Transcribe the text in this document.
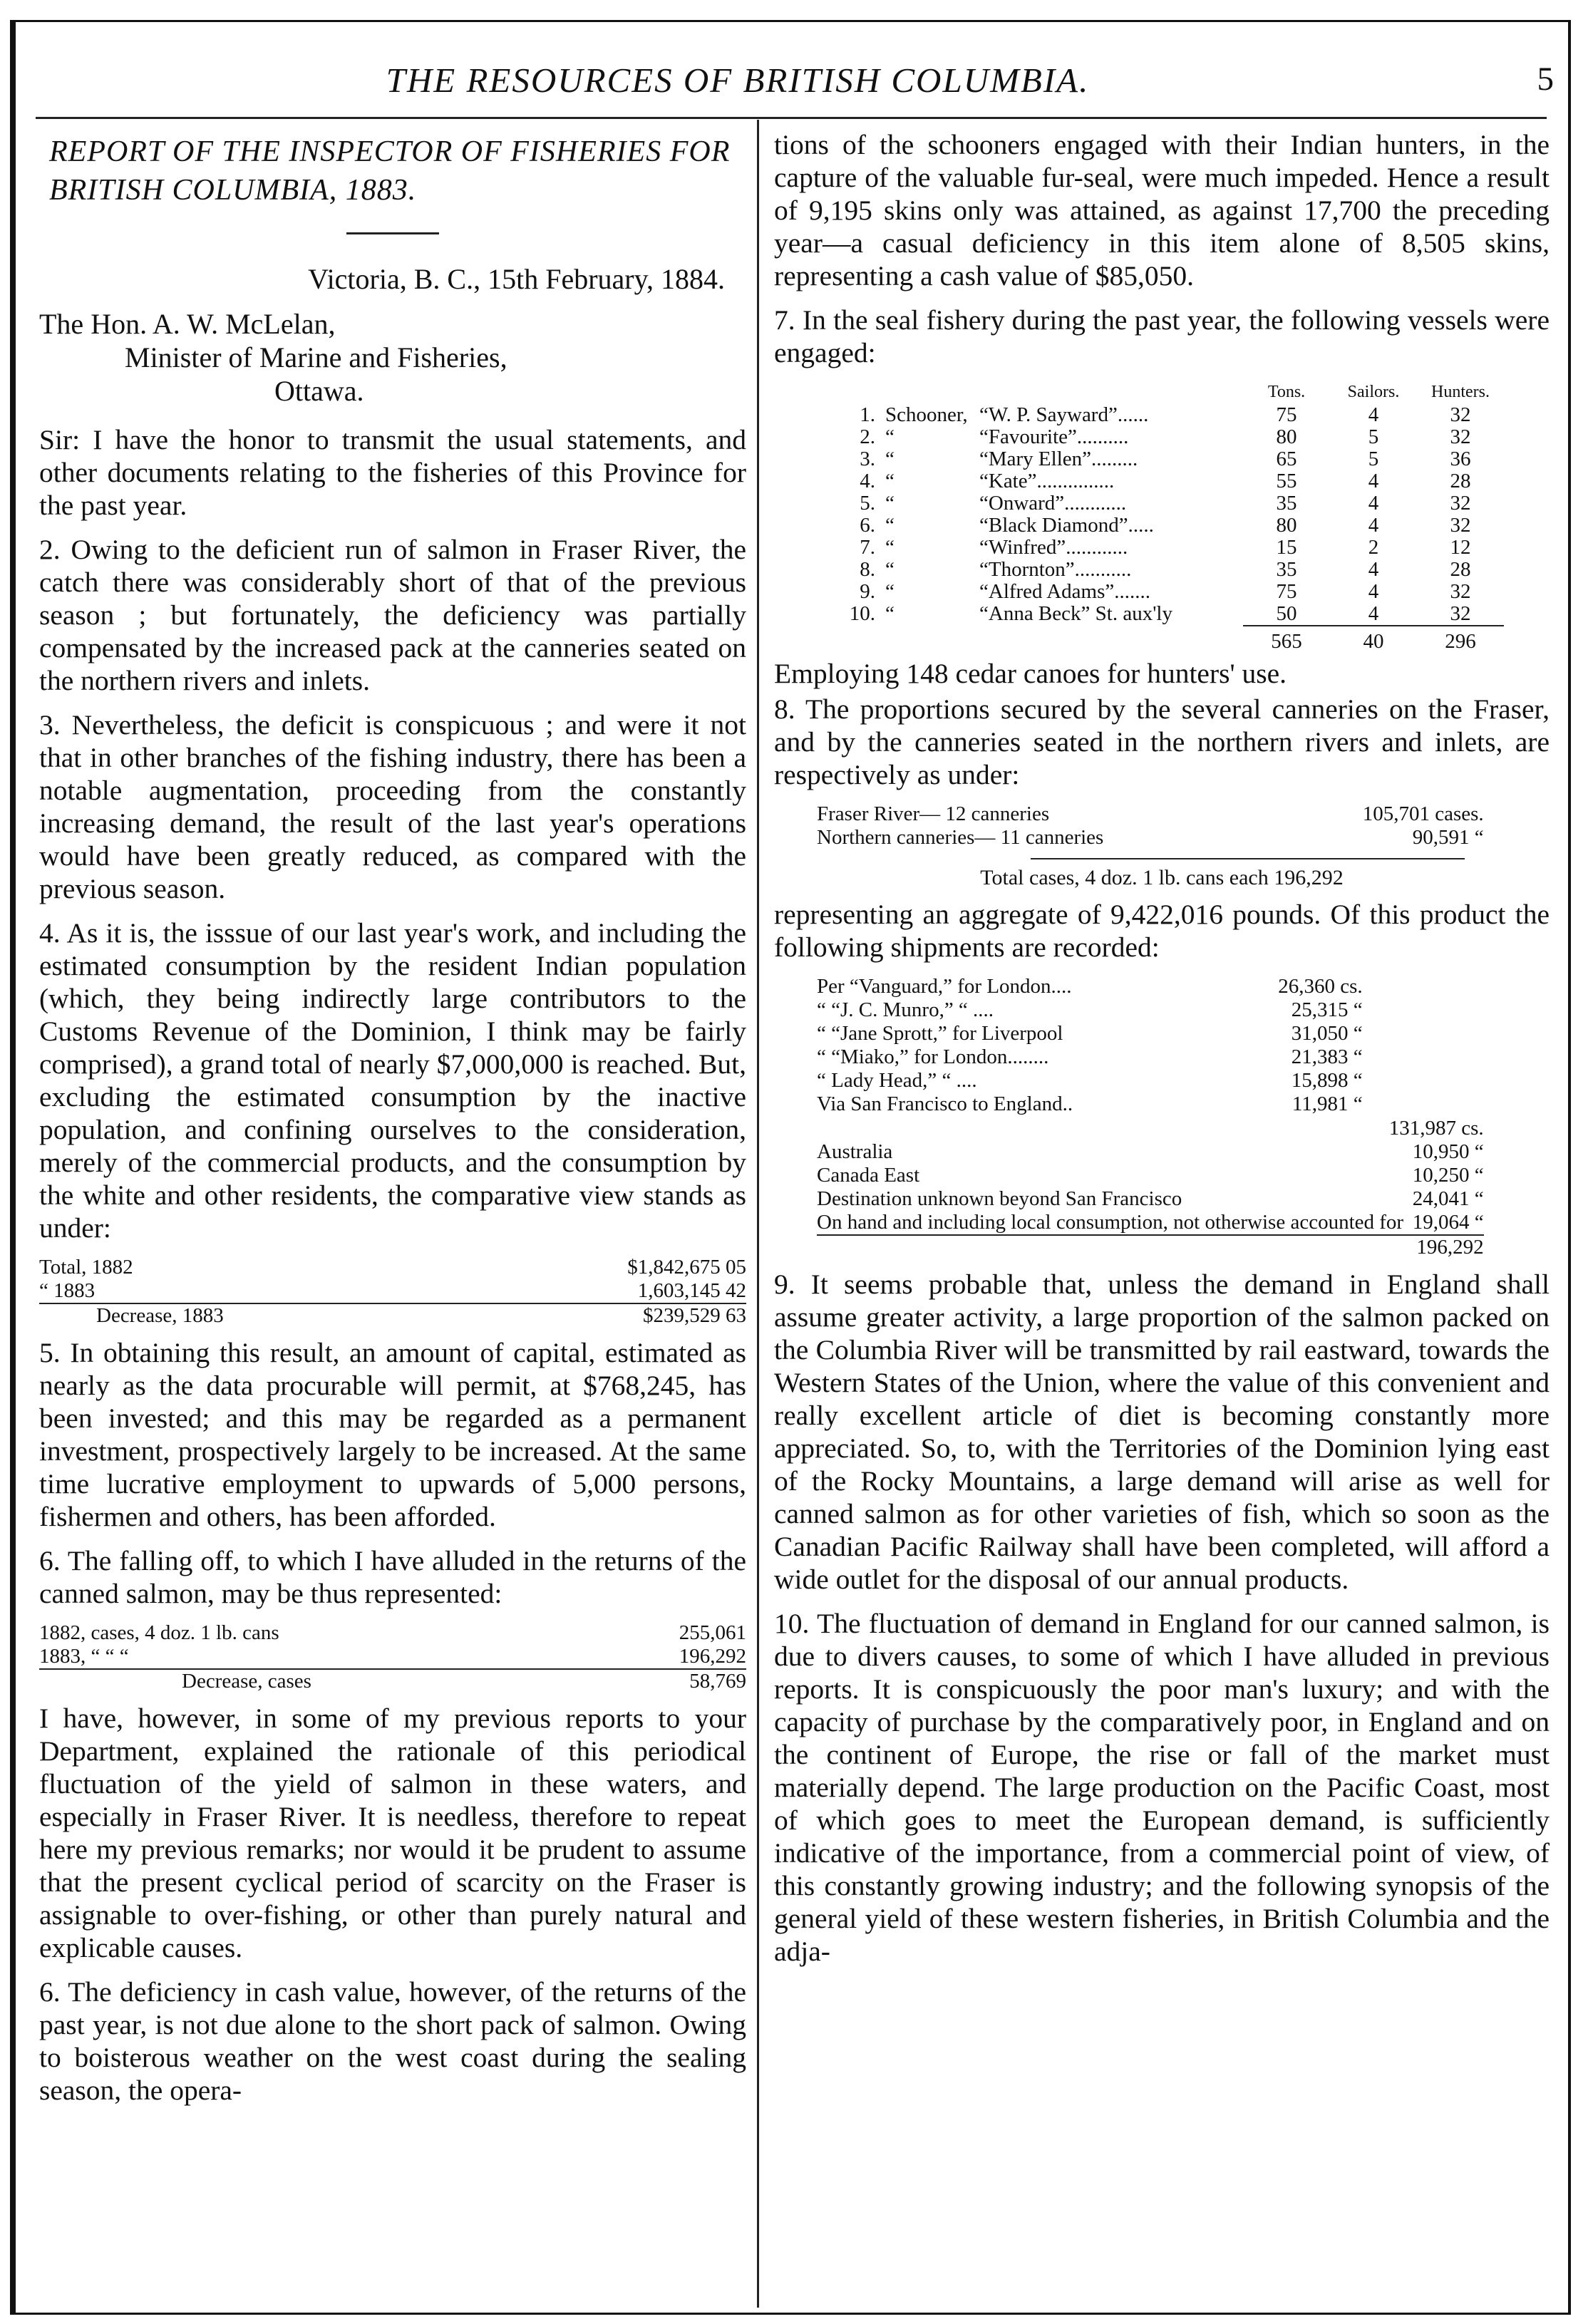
THE RESOURCES OF BRITISH COLUMBIA.	5
REPORT OF THE INSPECTOR OF FISHERIES FOR BRITISH COLUMBIA, 1883.

Victoria, B. C., 15th February, 1884.

The Hon. A. W. McLelan,
Minister of Marine and Fisheries,
Ottawa.

Sir: I have the honor to transmit the usual statements, and other documents relating to the fisheries of this Province for the past year.

2. Owing to the deficient run of salmon in Fraser River, the catch there was considerably short of that of the previous season ; but fortunately, the deficiency was partially compensated by the increased pack at the canneries seated on the northern rivers and inlets.

3. Nevertheless, the deficit is conspicuous ; and were it not that in other branches of the fishing industry, there has been a notable augmentation, proceeding from the constantly increasing demand, the result of the last year's operations would have been greatly reduced, as compared with the previous season.

4. As it is, the isssue of our last year's work, and including the estimated consumption by the resident Indian population (which, they being indirectly large contributors to the Customs Revenue of the Dominion, I think may be fairly comprised), a grand total of nearly $7,000,000 is reached. But, excluding the estimated consumption by the inactive population, and confining ourselves to the consideration, merely of the commercial products, and the consumption by the white and other residents, the comparative view stands as under:

Total, 1882	$1,842,675 05
“ 1883	1,603,145 42
Decrease, 1883	$239,529 63

5. In obtaining this result, an amount of capital, estimated as nearly as the data procurable will permit, at $768,245, has been invested; and this may be regarded as a permanent investment, prospectively largely to be increased. At the same time lucrative employment to upwards of 5,000 persons, fishermen and others, has been afforded.

6. The falling off, to which I have alluded in the returns of the canned salmon, may be thus represented:

1882, cases, 4 doz. 1 lb. cans	255,061
1883, “ “ “	196,292
Decrease, cases	58,769

I have, however, in some of my previous reports to your Department, explained the rationale of this periodical fluctuation of the yield of salmon in these waters, and especially in Fraser River. It is needless, therefore to repeat here my previous remarks; nor would it be prudent to assume that the present cyclical period of scarcity on the Fraser is assignable to over-fishing, or other than purely natural and explicable causes.

6. The deficiency in cash value, however, of the returns of the past year, is not due alone to the short pack of salmon. Owing to boisterous weather on the west coast during the sealing season, the opera-

tions of the schooners engaged with their Indian hunters, in the capture of the valuable fur-seal, were much impeded. Hence a result of 9,195 skins only was attained, as against 17,700 the preceding year—a casual deficiency in this item alone of 8,505 skins, representing a cash value of $85,050.

7. In the seal fishery during the past year, the following vessels were engaged:

			Tons.	Sailors.	Hunters.
1.	Schooner,	“W. P. Sayward”......	75	4	32
2.	“	“Favourite”..........	80	5	32
3.	“	“Mary Ellen”.........	65	5	36
4.	“	“Kate”...............	55	4	28
5.	“	“Onward”............	35	4	32
6.	“	“Black Diamond”.....	80	4	32
7.	“	“Winfred”............	15	2	12
8.	“	“Thornton”...........	35	4	28
9.	“	“Alfred Adams”.......	75	4	32
10.	“	“Anna Beck” St. aux'ly	50	4	32
			565	40	296

Employing 148 cedar canoes for hunters' use.

8. The proportions secured by the several canneries on the Fraser, and by the canneries seated in the northern rivers and inlets, are respectively as under:

Fraser River— 12 canneries	105,701 cases.
Northern canneries— 11 canneries	90,591 “
Total cases, 4 doz. 1 lb. cans each 196,292

representing an aggregate of 9,422,016 pounds. Of this product the following shipments are recorded:

Per “Vanguard,” for London....	26,360 cs.
“ “J. C. Munro,” “ ....	25,315 “
“ “Jane Sprott,” for Liverpool	31,050 “
“ “Miako,” for London........	21,383 “
“ Lady Head,” “ ....	15,898 “
Via San Francisco to England..	11,981 “
131,987 cs.
Australia	10,950 “
Canada East	10,250 “
Destination unknown beyond San Francisco	24,041 “
On hand and including local consumption, not otherwise accounted for	19,064 “
	196,292

9. It seems probable that, unless the demand in England shall assume greater activity, a large proportion of the salmon packed on the Columbia River will be transmitted by rail eastward, towards the Western States of the Union, where the value of this convenient and really excellent article of diet is becoming constantly more appreciated. So, to, with the Territories of the Dominion lying east of the Rocky Mountains, a large demand will arise as well for canned salmon as for other varieties of fish, which so soon as the Canadian Pacific Railway shall have been completed, will afford a wide outlet for the disposal of our annual products.

10. The fluctuation of demand in England for our canned salmon, is due to divers causes, to some of which I have alluded in previous reports. It is conspicuously the poor man's luxury; and with the capacity of purchase by the comparatively poor, in England and on the continent of Europe, the rise or fall of the market must materially depend. The large production on the Pacific Coast, most of which goes to meet the European demand, is sufficiently indicative of the importance, from a commercial point of view, of this constantly growing industry; and the following synopsis of the general yield of these western fisheries, in British Columbia and the adja-
